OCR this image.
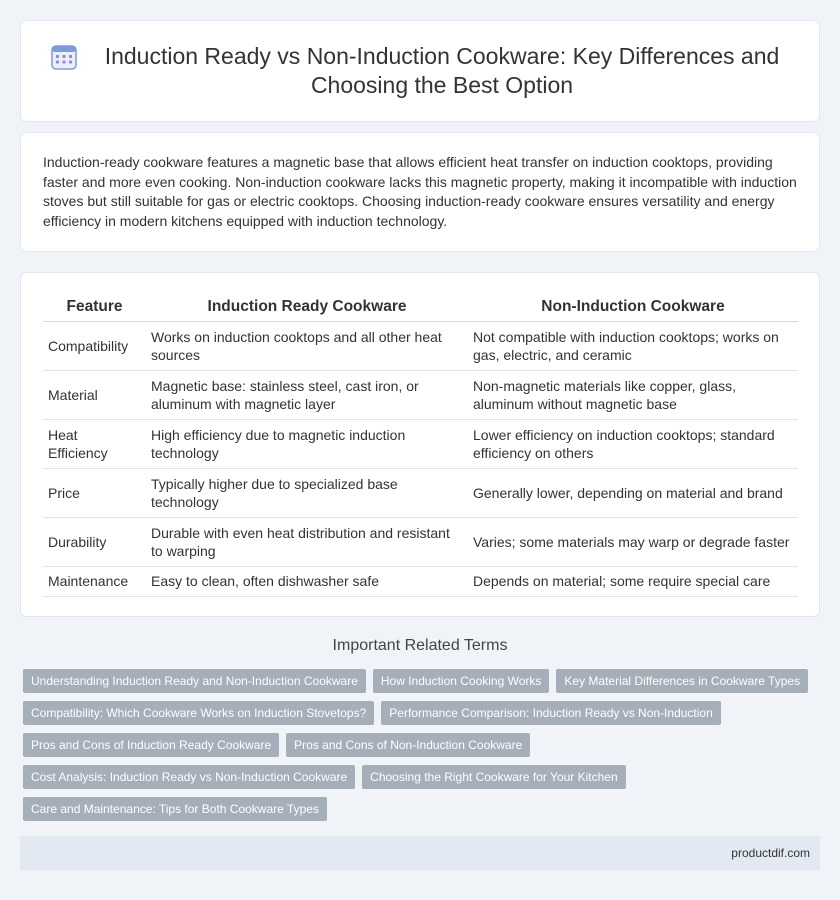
Induction Ready vs Non-Induction Cookware: Key Differences and Choosing the Best Option

Induction-ready cookware features a magnetic base that allows efficient heat transfer on induction cooktops, providing faster and more even cooking. Non-induction cookware lacks this magnetic property, making it incompatible with induction stoves but still suitable for gas or electric cooktops. Choosing induction-ready cookware ensures versatility and energy efficiency in modern kitchens equipped with induction technology.

Feature	Induction Ready Cookware	Non-Induction Cookware
Compatibility	Works on induction cooktops and all other heat sources	Not compatible with induction cooktops; works on gas, electric, and ceramic
Material	Magnetic base: stainless steel, cast iron, or aluminum with magnetic layer	Non-magnetic materials like copper, glass, aluminum without magnetic base
Heat Efficiency	High efficiency due to magnetic induction technology	Lower efficiency on induction cooktops; standard efficiency on others
Price	Typically higher due to specialized base technology	Generally lower, depending on material and brand
Durability	Durable with even heat distribution and resistant to warping	Varies; some materials may warp or degrade faster
Maintenance	Easy to clean, often dishwasher safe	Depends on material; some require special care
Important Related Terms
Understanding Induction Ready and Non-Induction Cookware	How Induction Cooking Works	Key Material Differences in Cookware Types
Compatibility: Which Cookware Works on Induction Stovetops?	Performance Comparison: Induction Ready vs Non-Induction
Pros and Cons of Induction Ready Cookware	Pros and Cons of Non-Induction Cookware
Cost Analysis: Induction Ready vs Non-Induction Cookware	Choosing the Right Cookware for Your Kitchen
Care and Maintenance: Tips for Both Cookware Types
productdif.com
